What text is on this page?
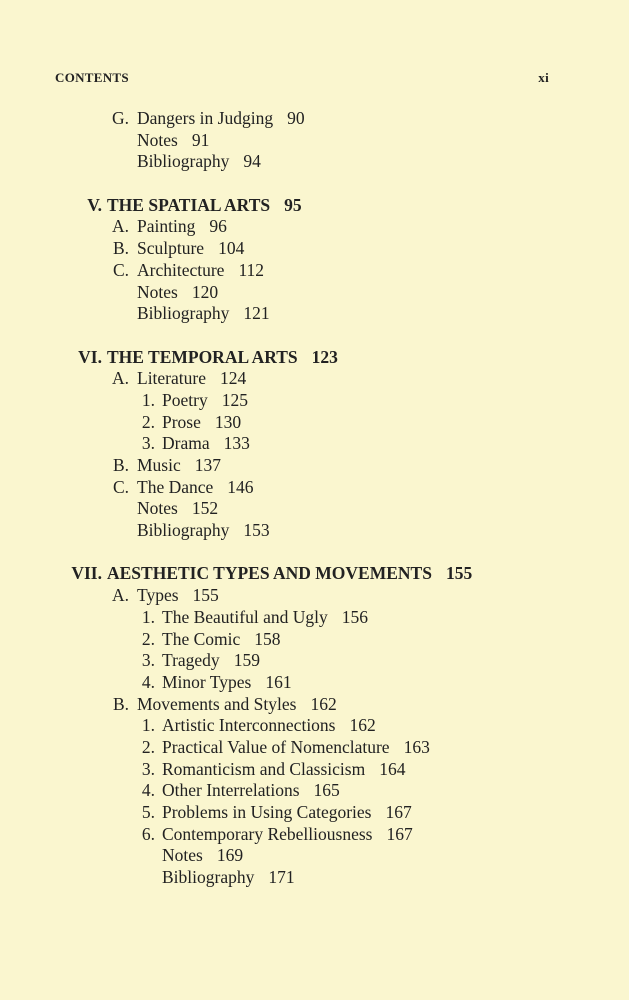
CONTENTS	xi
G. Dangers in Judging 90
Notes 91
Bibliography 94
V. THE SPATIAL ARTS 95
A. Painting 96
B. Sculpture 104
C. Architecture 112
Notes 120
Bibliography 121
VI. THE TEMPORAL ARTS 123
A. Literature 124
1. Poetry 125
2. Prose 130
3. Drama 133
B. Music 137
C. The Dance 146
Notes 152
Bibliography 153
VII. AESTHETIC TYPES AND MOVEMENTS 155
A. Types 155
1. The Beautiful and Ugly 156
2. The Comic 158
3. Tragedy 159
4. Minor Types 161
B. Movements and Styles 162
1. Artistic Interconnections 162
2. Practical Value of Nomenclature 163
3. Romanticism and Classicism 164
4. Other Interrelations 165
5. Problems in Using Categories 167
6. Contemporary Rebelliousness 167
Notes 169
Bibliography 171
